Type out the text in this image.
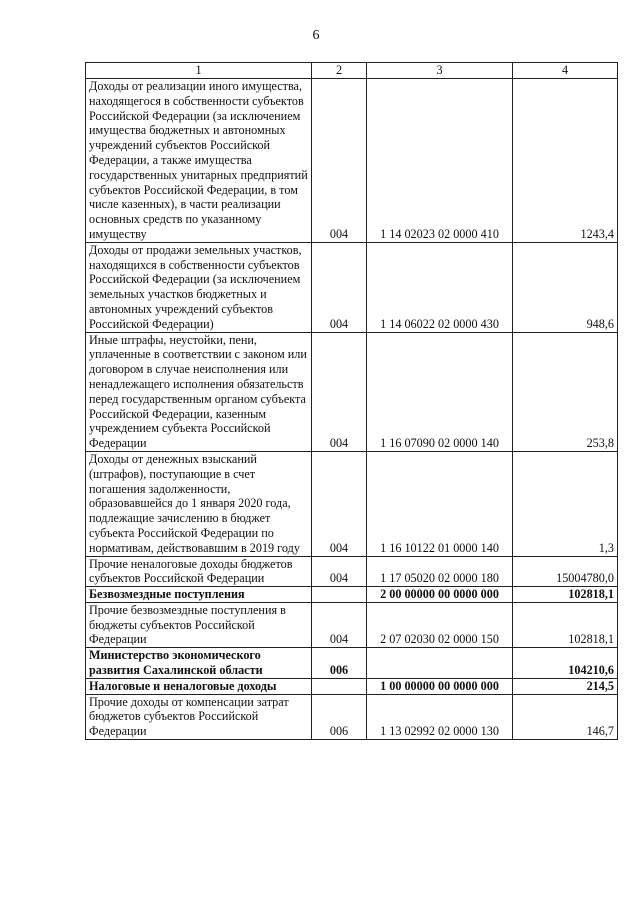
6
1	2	3	4
Доходы от реализации иного имущества, находящегося в собственности субъектов Российской Федерации (за исключением имущества бюджетных и автономных учреждений субъектов Российской Федерации, а также имущества государственных унитарных предприятий субъектов Российской Федерации, в том числе казенных), в части реализации основных средств по указанному имуществу	004	1 14 02023 02 0000 410	1243,4
Доходы от продажи земельных участков, находящихся в собственности субъектов Российской Федерации (за исключением земельных участков бюджетных и автономных учреждений субъектов Российской Федерации)	004	1 14 06022 02 0000 430	948,6
Иные штрафы, неустойки, пени, уплаченные в соответствии с законом или договором в случае неисполнения или ненадлежащего исполнения обязательств перед государственным органом субъекта Российской Федерации, казенным учреждением субъекта Российской Федерации	004	1 16 07090 02 0000 140	253,8
Доходы от денежных взысканий (штрафов), поступающие в счет погашения задолженности, образовавшейся до 1 января 2020 года, подлежащие зачислению в бюджет субъекта Российской Федерации по нормативам, действовавшим в 2019 году	004	1 16 10122 01 0000 140	1,3
Прочие неналоговые доходы бюджетов субъектов Российской Федерации	004	1 17 05020 02 0000 180	15004780,0
Безвозмездные поступления		2 00 00000 00 0000 000	102818,1
Прочие безвозмездные поступления в бюджеты субъектов Российской Федерации	004	2 07 02030 02 0000 150	102818,1
Министерство экономического развития Сахалинской области	006		104210,6
Налоговые и неналоговые доходы		1 00 00000 00 0000 000	214,5
Прочие доходы от компенсации затрат бюджетов субъектов Российской Федерации	006	1 13 02992 02 0000 130	146,7
